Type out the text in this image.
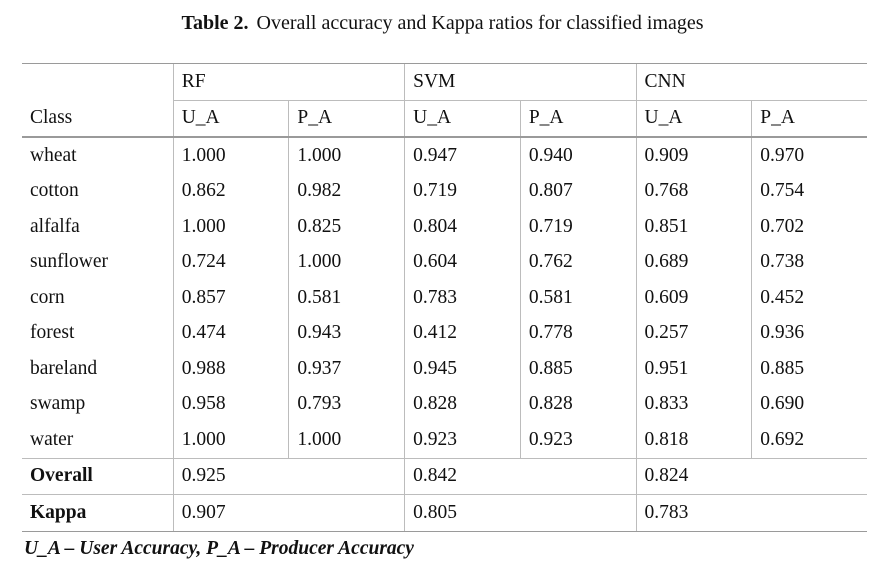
Table 2. Overall accuracy and Kappa ratios for classified images
	RF		SVM		CNN	
Class	U_A	P_A	U_A	P_A	U_A	P_A
wheat	1.000	1.000	0.947	0.940	0.909	0.970
cotton	0.862	0.982	0.719	0.807	0.768	0.754
alfalfa	1.000	0.825	0.804	0.719	0.851	0.702
sunflower	0.724	1.000	0.604	0.762	0.689	0.738
corn	0.857	0.581	0.783	0.581	0.609	0.452
forest	0.474	0.943	0.412	0.778	0.257	0.936
bareland	0.988	0.937	0.945	0.885	0.951	0.885
swamp	0.958	0.793	0.828	0.828	0.833	0.690
water	1.000	1.000	0.923	0.923	0.818	0.692
Overall	0.925		0.842		0.824	
Kappa	0.907		0.805		0.783	
U_A – User Accuracy, P_A – Producer Accuracy
